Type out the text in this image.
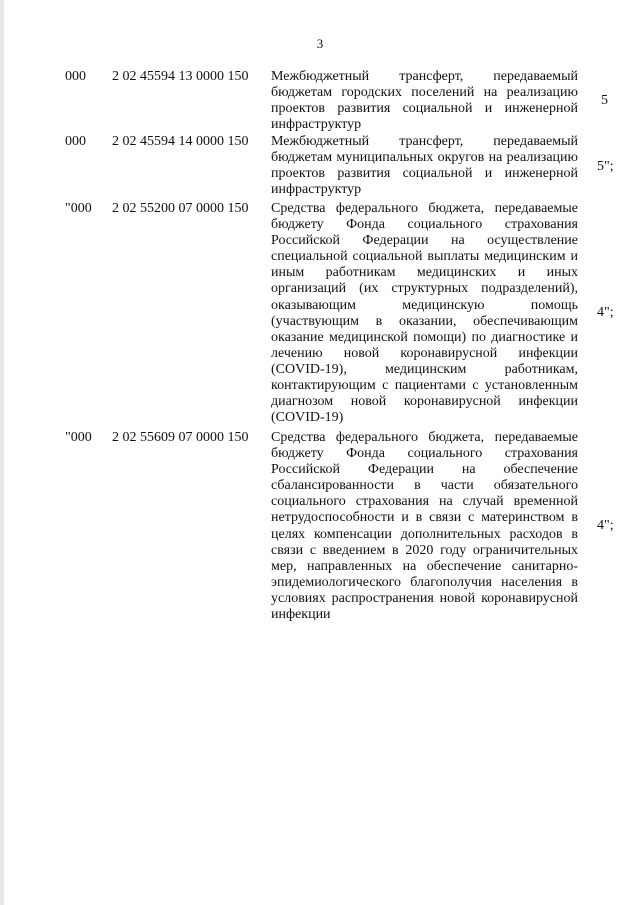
3
000 2 02 45594 13 0000 150 Межбюджетный трансферт, передаваемый бюджетам городских поселений на реализацию проектов развития социальной и инженерной инфраструктур
5
000 2 02 45594 14 0000 150 Межбюджетный трансферт, передаваемый бюджетам муниципальных округов на реализацию проектов развития социальной и инженерной инфраструктур
5";
"000 2 02 55200 07 0000 150 Средства федерального бюджета, передаваемые бюджету Фонда социального страхования Российской Федерации на осуществление специальной социальной выплаты медицинским и иным работникам медицинских и иных организаций (их структурных подразделений), оказывающим медицинскую помощь (участвующим в оказании, обеспечивающим оказание медицинской помощи) по диагностике и лечению новой коронавирусной инфекции (COVID-19), медицинским работникам, контактирующим с пациентами с установленным диагнозом новой коронавирусной инфекции (COVID-19)
4";
"000 2 02 55609 07 0000 150 Средства федерального бюджета, передаваемые бюджету Фонда социального страхования Российской Федерации на обеспечение сбалансированности в части обязательного социального страхования на случай временной нетрудоспособности и в связи с материнством в целях компенсации дополнительных расходов в связи с введением в 2020 году ограничительных мер, направленных на обеспечение санитарно-эпидемиологического благополучия населения в условиях распространения новой коронавирусной инфекции
4";
